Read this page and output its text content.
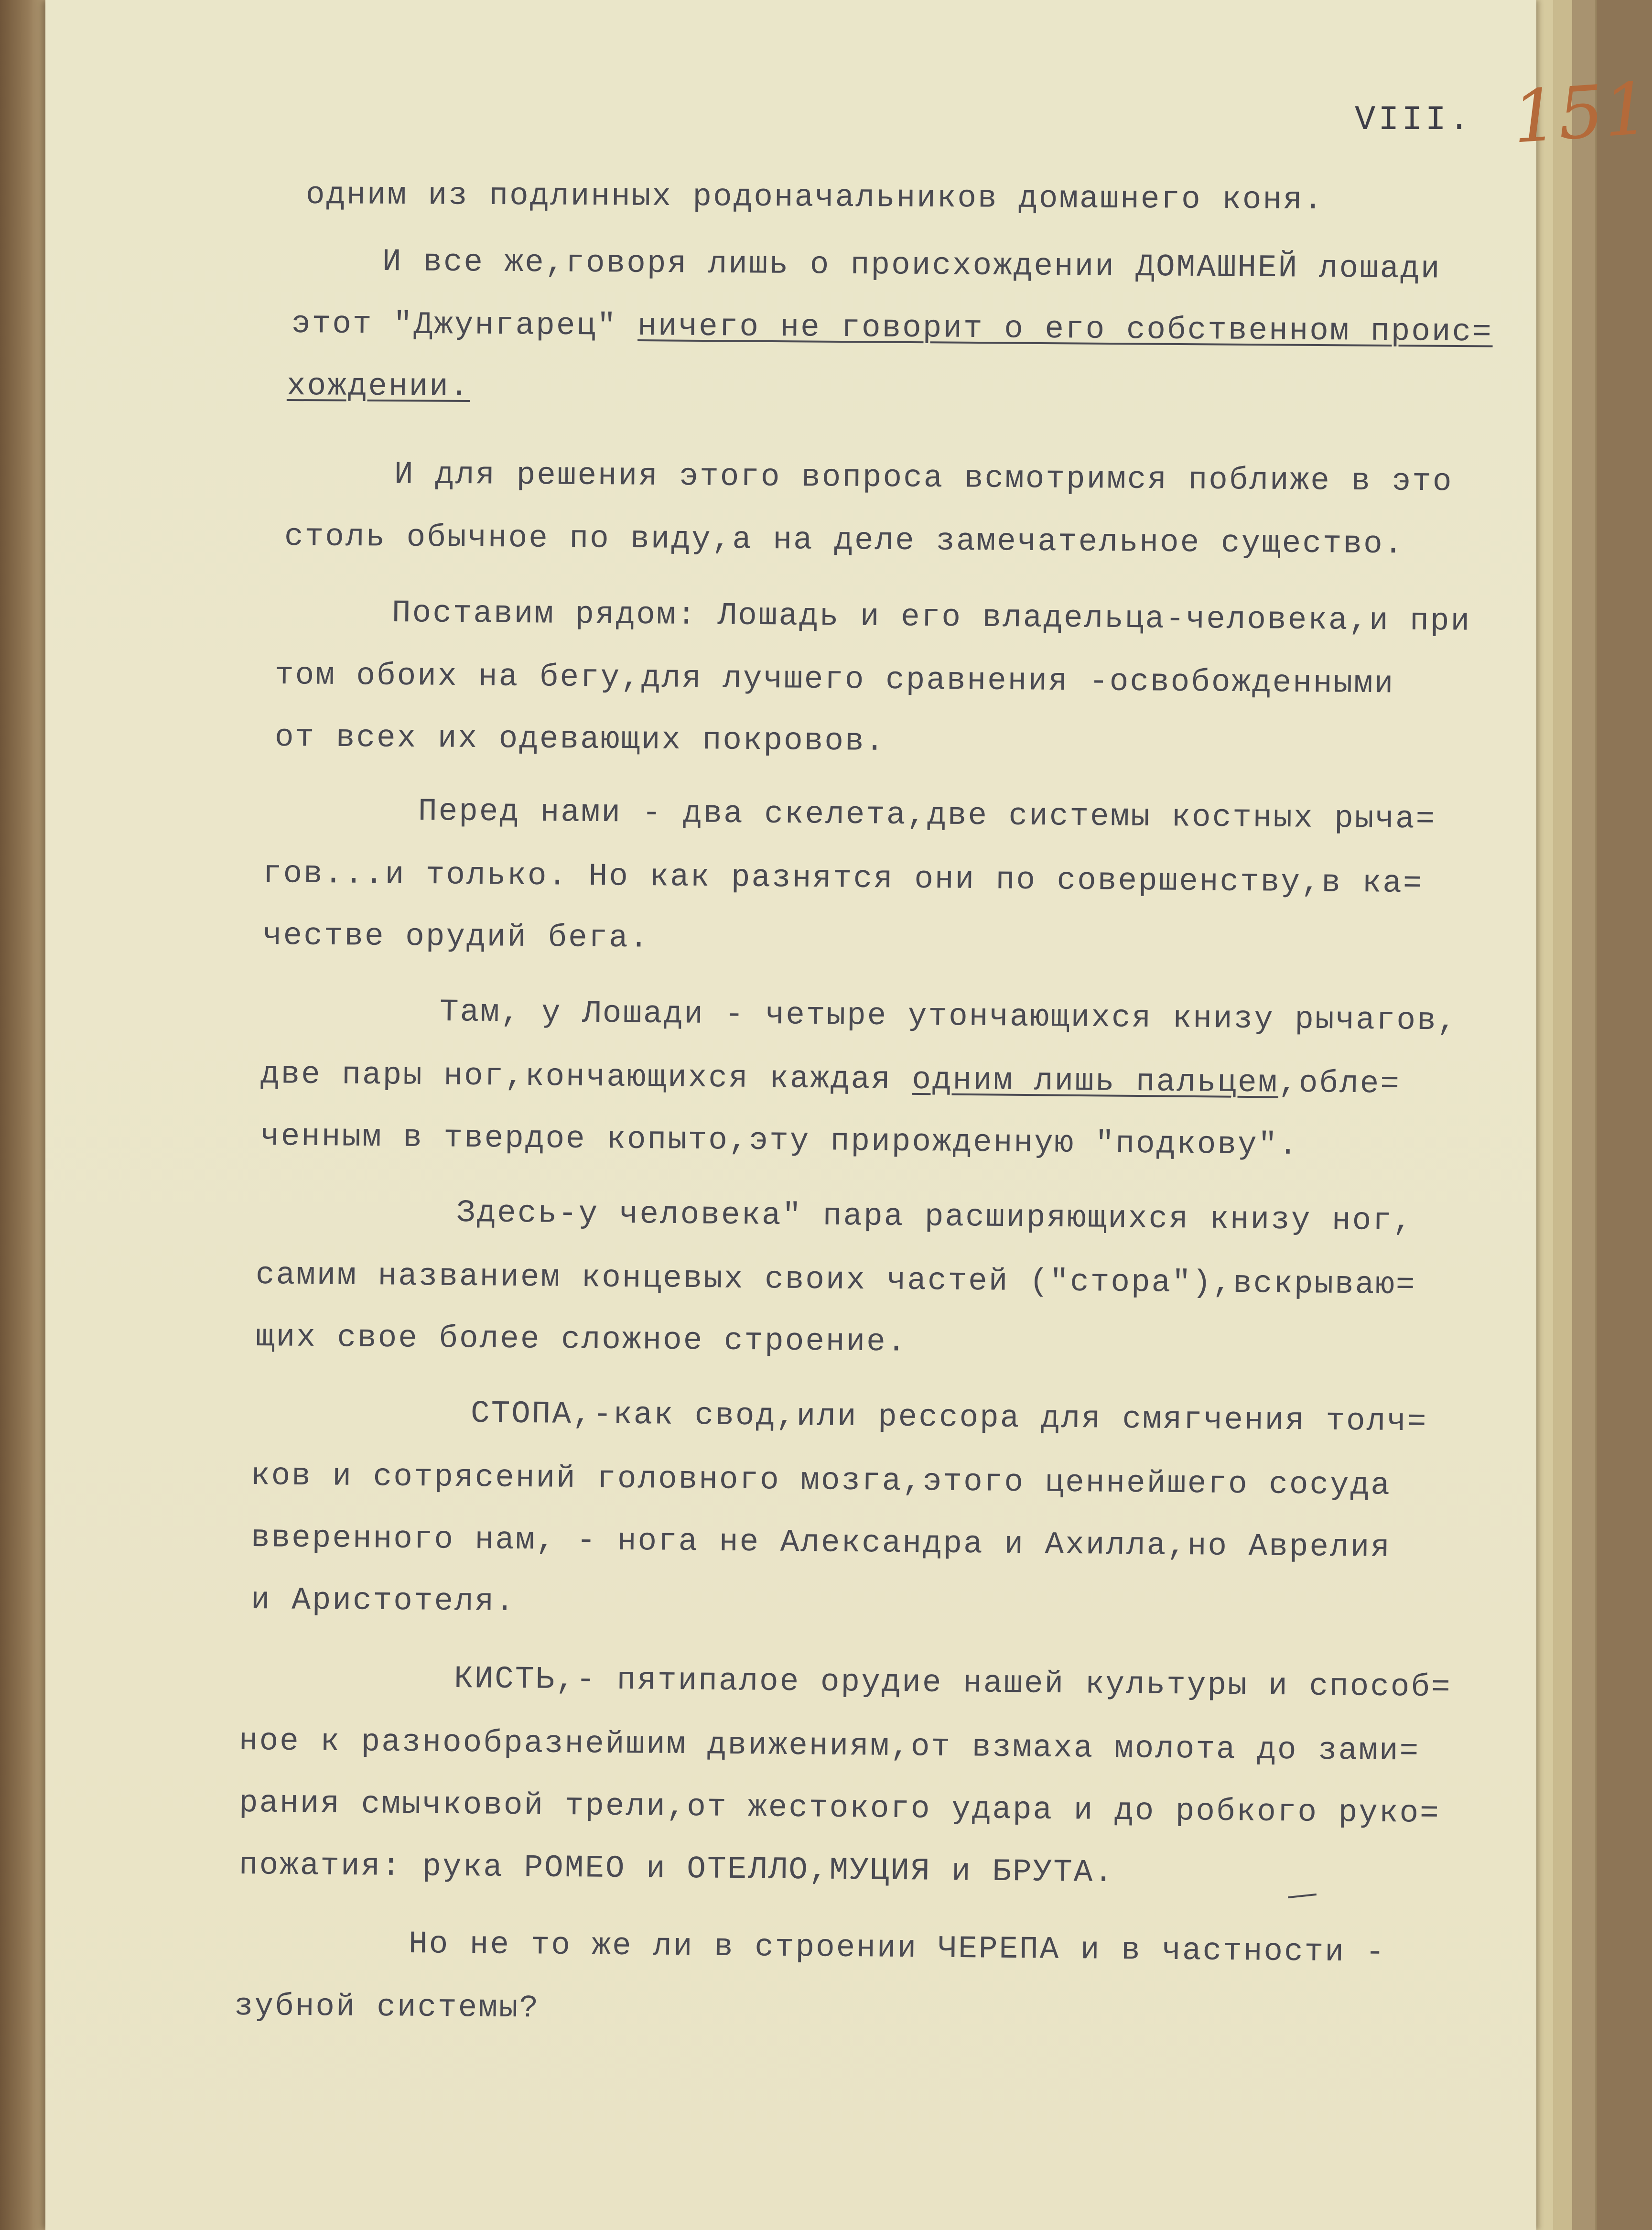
VIII. 151
одним из подлинных родоначальников домашнего коня.
И все же,говоря лишь о происхождении ДОМАШНЕЙ лошади
этот "Джунгарец" ничего не говорит о его собственном проис=
хождении.
И для решения этого вопроса всмотримся поближе в это
столь обычное по виду,а на деле замечательное существо.
Поставим рядом: Лошадь и его владельца-человека,и при
том обоих на бегу,для лучшего сравнения -освобожденными
от всех их одевающих покровов.
Перед нами - два скелета,две системы костных рыча=
гов...и только. Но как разнятся они по совершенству,в ка=
честве орудий бега.
Там, у Лошади - четыре утончающихся книзу рычагов,
две пары ног,кончающихся каждая одним лишь пальцем,обле=
ченным в твердое копыто,эту прирожденную "подкову".
Здесь-у человека" пара расширяющихся книзу ног,
самим названием концевых своих частей ("стора"),вскрываю=
щих свое более сложное строение.
СТОПА,-как свод,или рессора для смягчения толч=
ков и сотрясений головного мозга,этого ценнейшего сосуда
вверенного нам, - нога не Александра и Ахилла,но Аврелия
и Аристотеля.
КИСТЬ,- пятипалое орудие нашей культуры и способ=
ное к разнообразнейшим движениям,от взмаха молота до зами=
рания смычковой трели,от жестокого удара и до робкого руко=
пожатия: рука РОМЕО и ОТЕЛЛО,МУЦИЯ и БРУТА.
Но не то же ли в строении ЧЕРЕПА и в частности -
зубной системы?
